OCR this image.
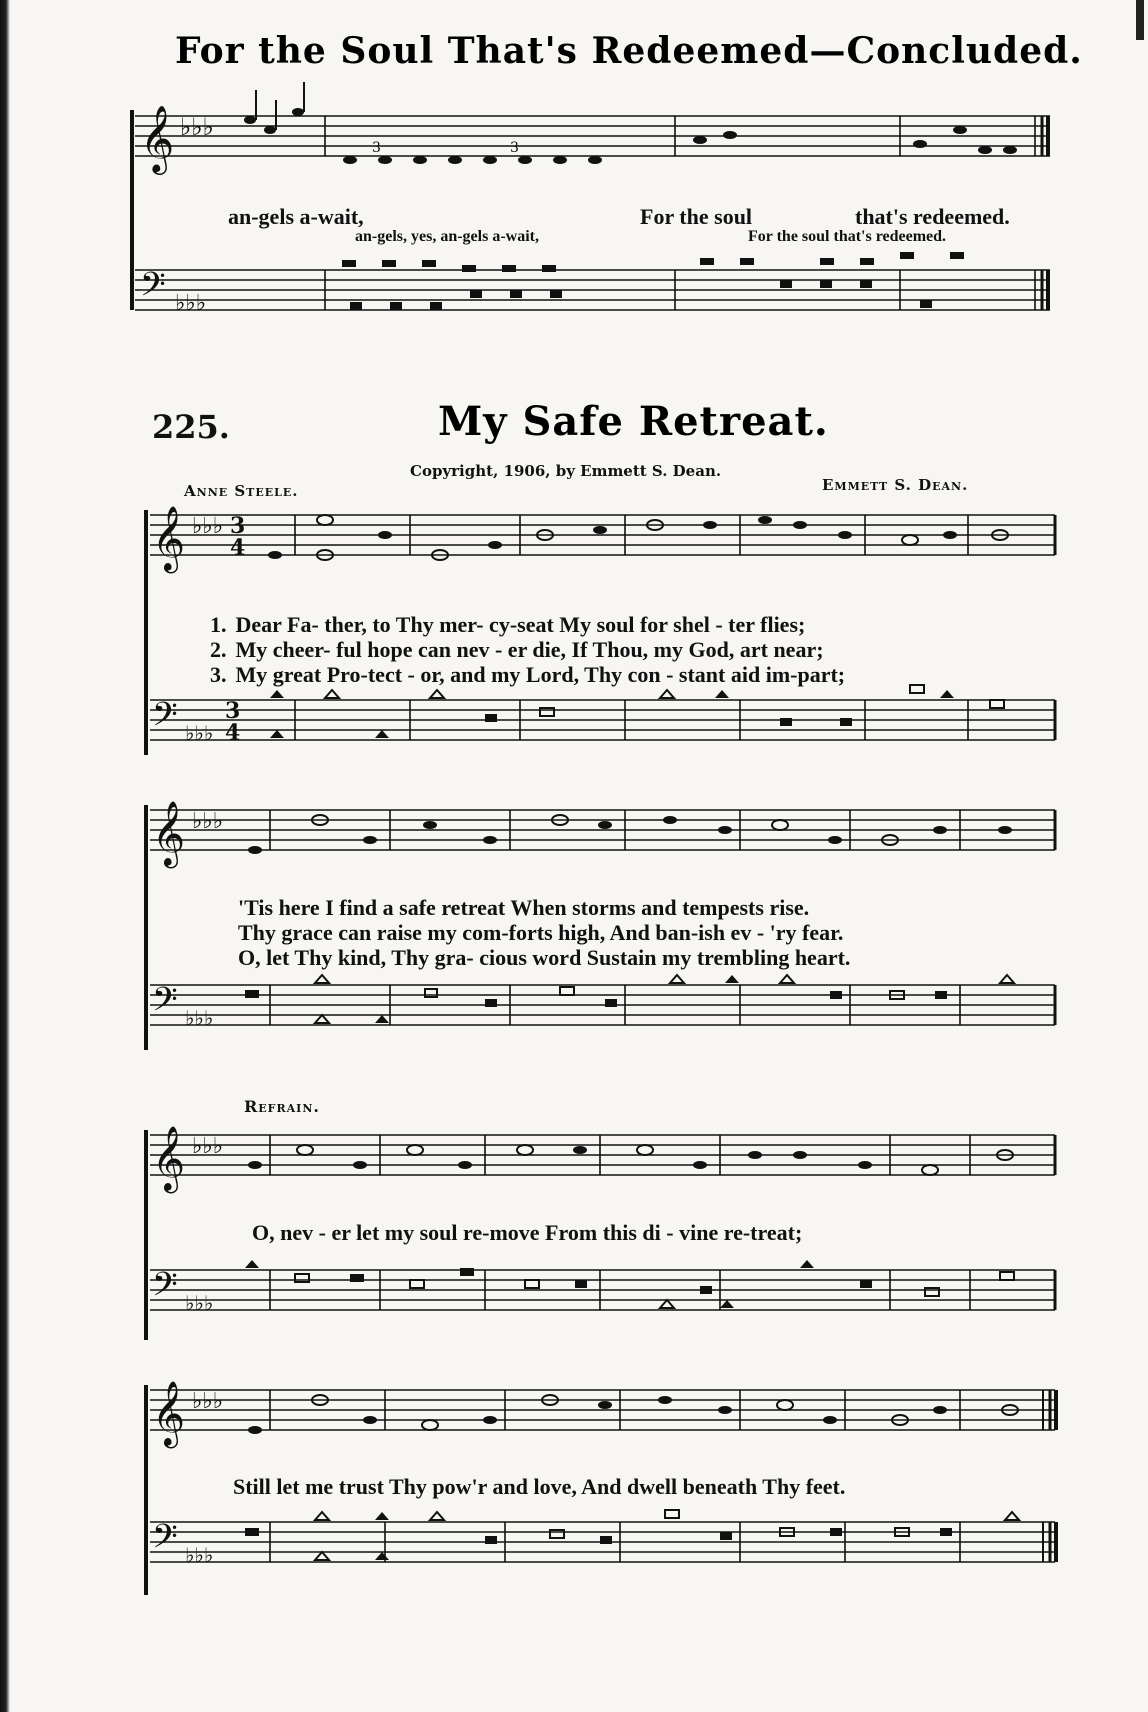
For the Soul That's Redeemed—Concluded.
𝄞 ♭♭♭
3	3
an-gels a-wait,	For the soul	that's redeemed.
an-gels, yes, an-gels a-wait,	For the soul that's redeemed.
𝄢 ♭♭♭
225.	My Safe Retreat.
Copyright, 1906, by Emmett S. Dean.
Anne Steele.	Emmett S. Dean.
𝄞 ♭♭♭ 3
4
1. Dear Fa- ther, to Thy mer- cy-seat My soul for shel - ter flies;
2. My cheer- ful hope can nev - er die, If Thou, my God, art near;
3. My great Pro-tect - or, and my Lord, Thy con - stant aid im-part;
𝄢 ♭♭♭
3
4
𝄞 ♭♭♭
'Tis here I find a safe retreat When storms and tempests rise.
Thy grace can raise my com-forts high, And ban-ish ev - 'ry fear.
O, let Thy kind, Thy gra- cious word Sustain my trembling heart.
𝄢 ♭♭♭
Refrain.
𝄞 ♭♭♭
O, nev - er let my soul re-move From this di - vine re-treat;
𝄢 ♭♭♭
𝄞 ♭♭♭
Still let me trust Thy pow'r and love, And dwell beneath Thy feet.
𝄢 ♭♭♭
